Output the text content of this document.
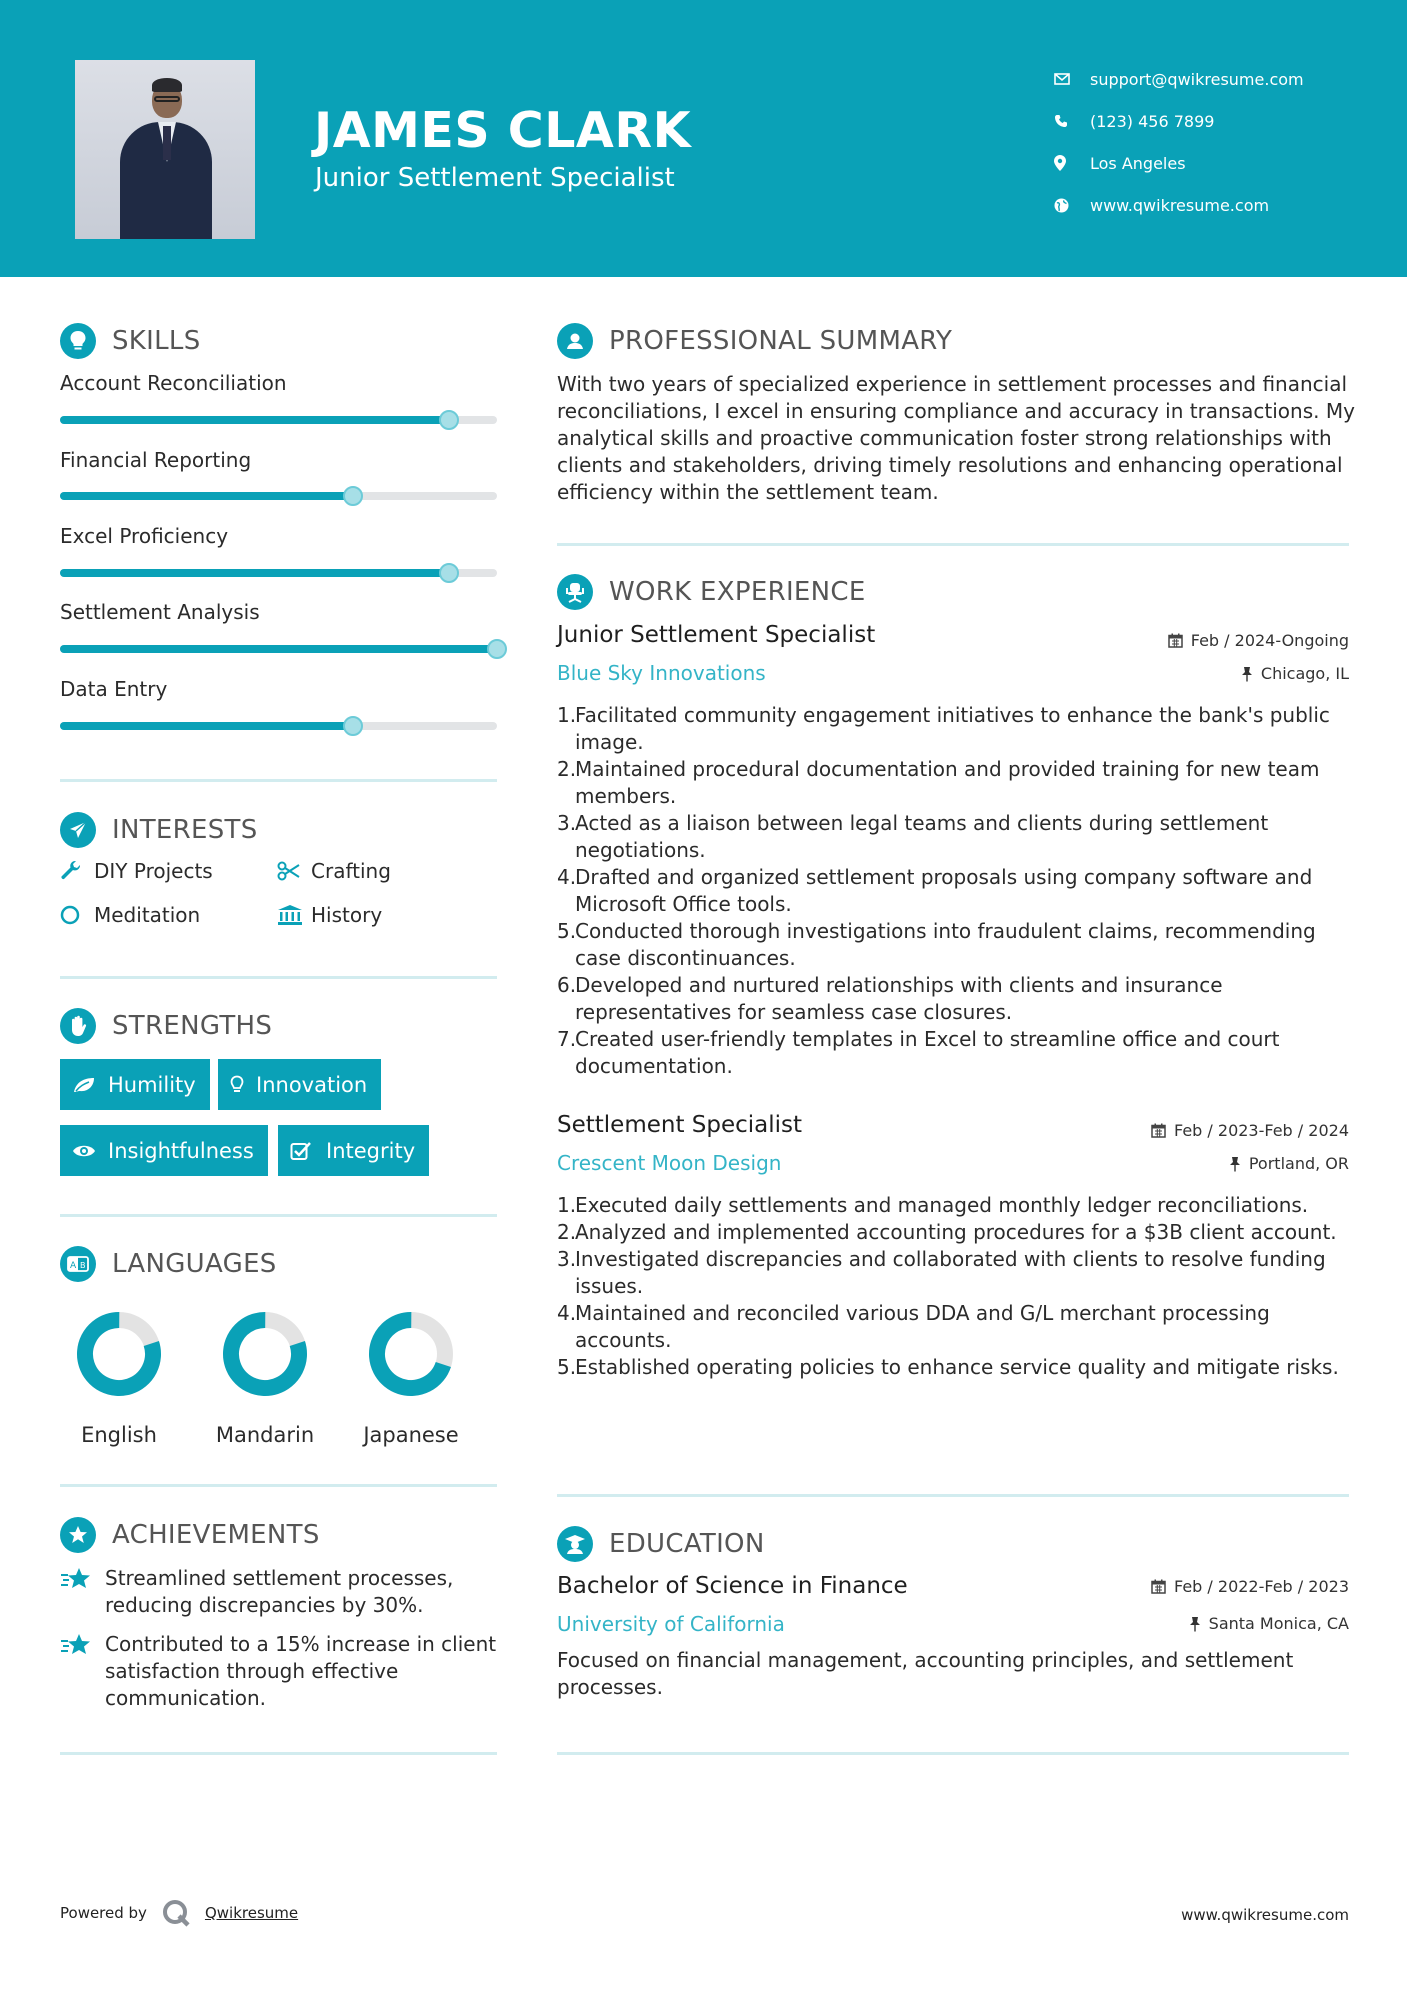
JAMES CLARK
Junior Settlement Specialist
support@qwikresume.com
(123) 456 7899
Los Angeles
www.qwikresume.com
SKILLS
Account Reconciliation
Financial Reporting
Excel Proficiency
Settlement Analysis
Data Entry
INTERESTS
DIY Projects	Crafting
Meditation	History
STRENGTHS
Humility	Innovation
Insightfulness	Integrity
A B LANGUAGES
English	Mandarin	Japanese
ACHIEVEMENTS
Streamlined settlement processes, reducing discrepancies by 30%.
Contributed to a 15% increase in client satisfaction through effective communication.
PROFESSIONAL SUMMARY
With two years of specialized experience in settlement processes and financial reconciliations, I excel in ensuring compliance and accuracy in transactions. My analytical skills and proactive communication foster strong relationships with clients and stakeholders, driving timely resolutions and enhancing operational efficiency within the settlement team.
WORK EXPERIENCE
Junior Settlement Specialist	Feb / 2024-Ongoing
Blue Sky Innovations	Chicago, IL
1.
Facilitated community engagement initiatives to enhance the bank's public image.
2.
Maintained procedural documentation and provided training for new team members.
3.
Acted as a liaison between legal teams and clients during settlement negotiations.
4.
Drafted and organized settlement proposals using company software and Microsoft Office tools.
5.
Conducted thorough investigations into fraudulent claims, recommending case discontinuances.
6.
Developed and nurtured relationships with clients and insurance representatives for seamless case closures.
7.
Created user-friendly templates in Excel to streamline office and court documentation.
Settlement Specialist	Feb / 2023-Feb / 2024
Crescent Moon Design	Portland, OR
1.
Executed daily settlements and managed monthly ledger reconciliations.
2.
Analyzed and implemented accounting procedures for a $3B client account.
3.
Investigated discrepancies and collaborated with clients to resolve funding issues.
4.
Maintained and reconciled various DDA and G/L merchant processing accounts.
5.
Established operating policies to enhance service quality and mitigate risks.
EDUCATION
Bachelor of Science in Finance	Feb / 2022-Feb / 2023
University of California	Santa Monica, CA
Focused on financial management, accounting principles, and settlement processes.
Powered by	Qwikresume	www.qwikresume.com
